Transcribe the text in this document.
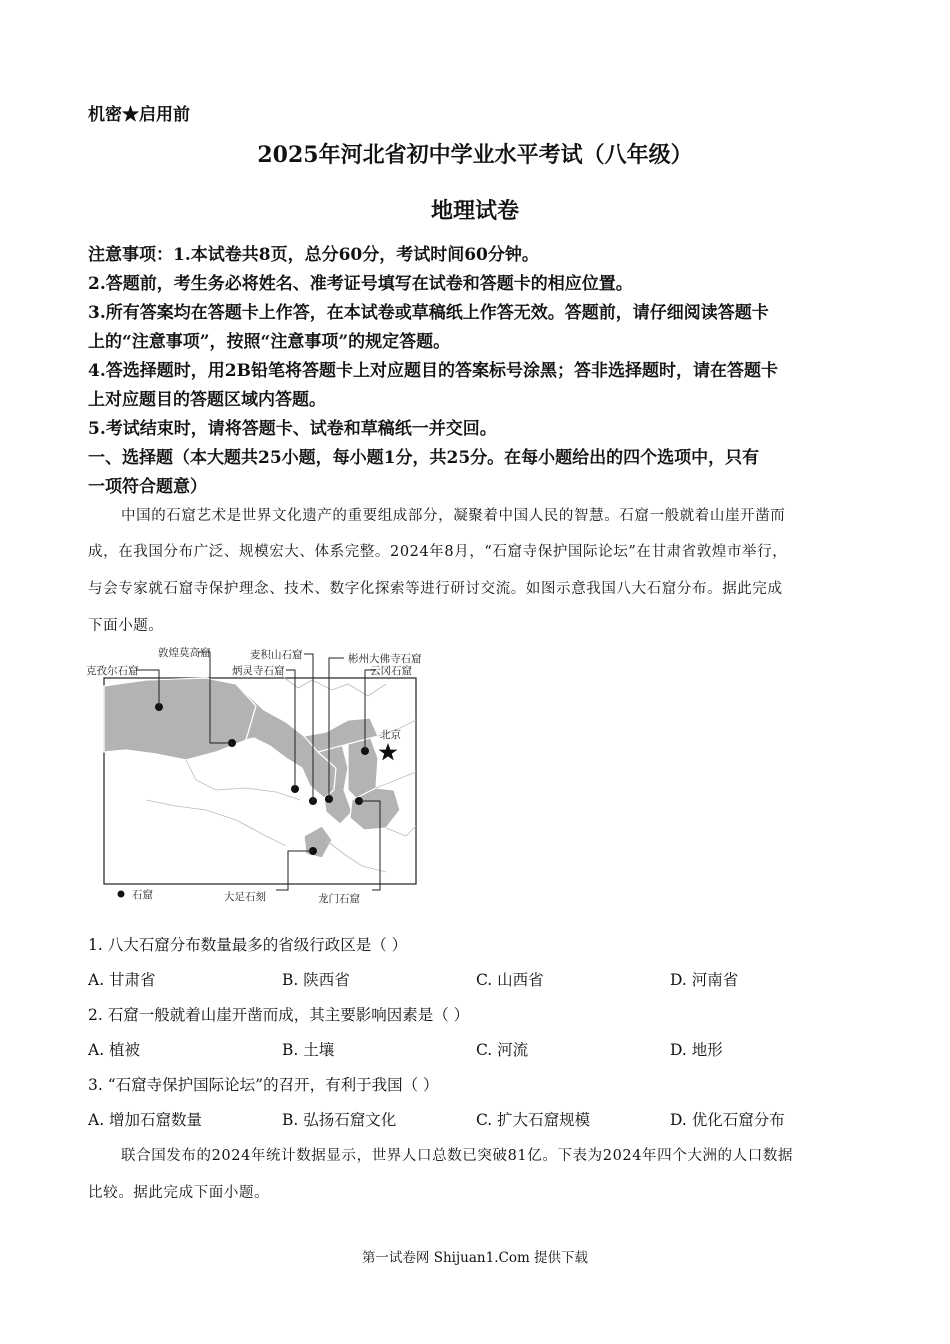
机密★启用前
2025年河北省初中学业水平考试（八年级）
地理试卷
注意事项：1.本试卷共8页，总分60分，考试时间60分钟。
2.答题前，考生务必将姓名、准考证号填写在试卷和答题卡的相应位置。
3.所有答案均在答题卡上作答，在本试卷或草稿纸上作答无效。答题前，请仔细阅读答题卡
上的“注意事项”，按照“注意事项”的规定答题。
4.答选择题时，用2B铅笔将答题卡上对应题目的答案标号涂黑；答非选择题时，请在答题卡
上对应题目的答题区域内答题。
5.考试结束时，请将答题卡、试卷和草稿纸一并交回。
一、选择题（本大题共25小题，每小题1分，共25分。在每小题给出的四个选项中，只有
一项符合题意）
中国的石窟艺术是世界文化遗产的重要组成部分，凝聚着中国人民的智慧。石窟一般就着山崖开凿而
成，在我国分布广泛、规模宏大、体系完整。2024年8月，“石窟寺保护国际论坛”在甘肃省敦煌市举行，
与会专家就石窟寺保护理念、技术、数字化探索等进行研讨交流。如图示意我国八大石窟分布。据此完成
下面小题。
敦煌莫高窟
克孜尔石窟
麦积山石窟
炳灵寺石窟
彬州大佛寺石窟
云冈石窟
北京
大足石刻	龙门石窟
石窟
1. 八大石窟分布数量最多的省级行政区是（ ）
A. 甘肃省	B. 陕西省	C. 山西省	D. 河南省
2. 石窟一般就着山崖开凿而成，其主要影响因素是（ ）
A. 植被	B. 土壤	C. 河流	D. 地形
3. “石窟寺保护国际论坛”的召开，有利于我国（ ）
A. 增加石窟数量	B. 弘扬石窟文化	C. 扩大石窟规模	D. 优化石窟分布
联合国发布的2024年统计数据显示，世界人口总数已突破81亿。下表为2024年四个大洲的人口数据
比较。据此完成下面小题。
第一试卷网 Shijuan1.Com 提供下载
